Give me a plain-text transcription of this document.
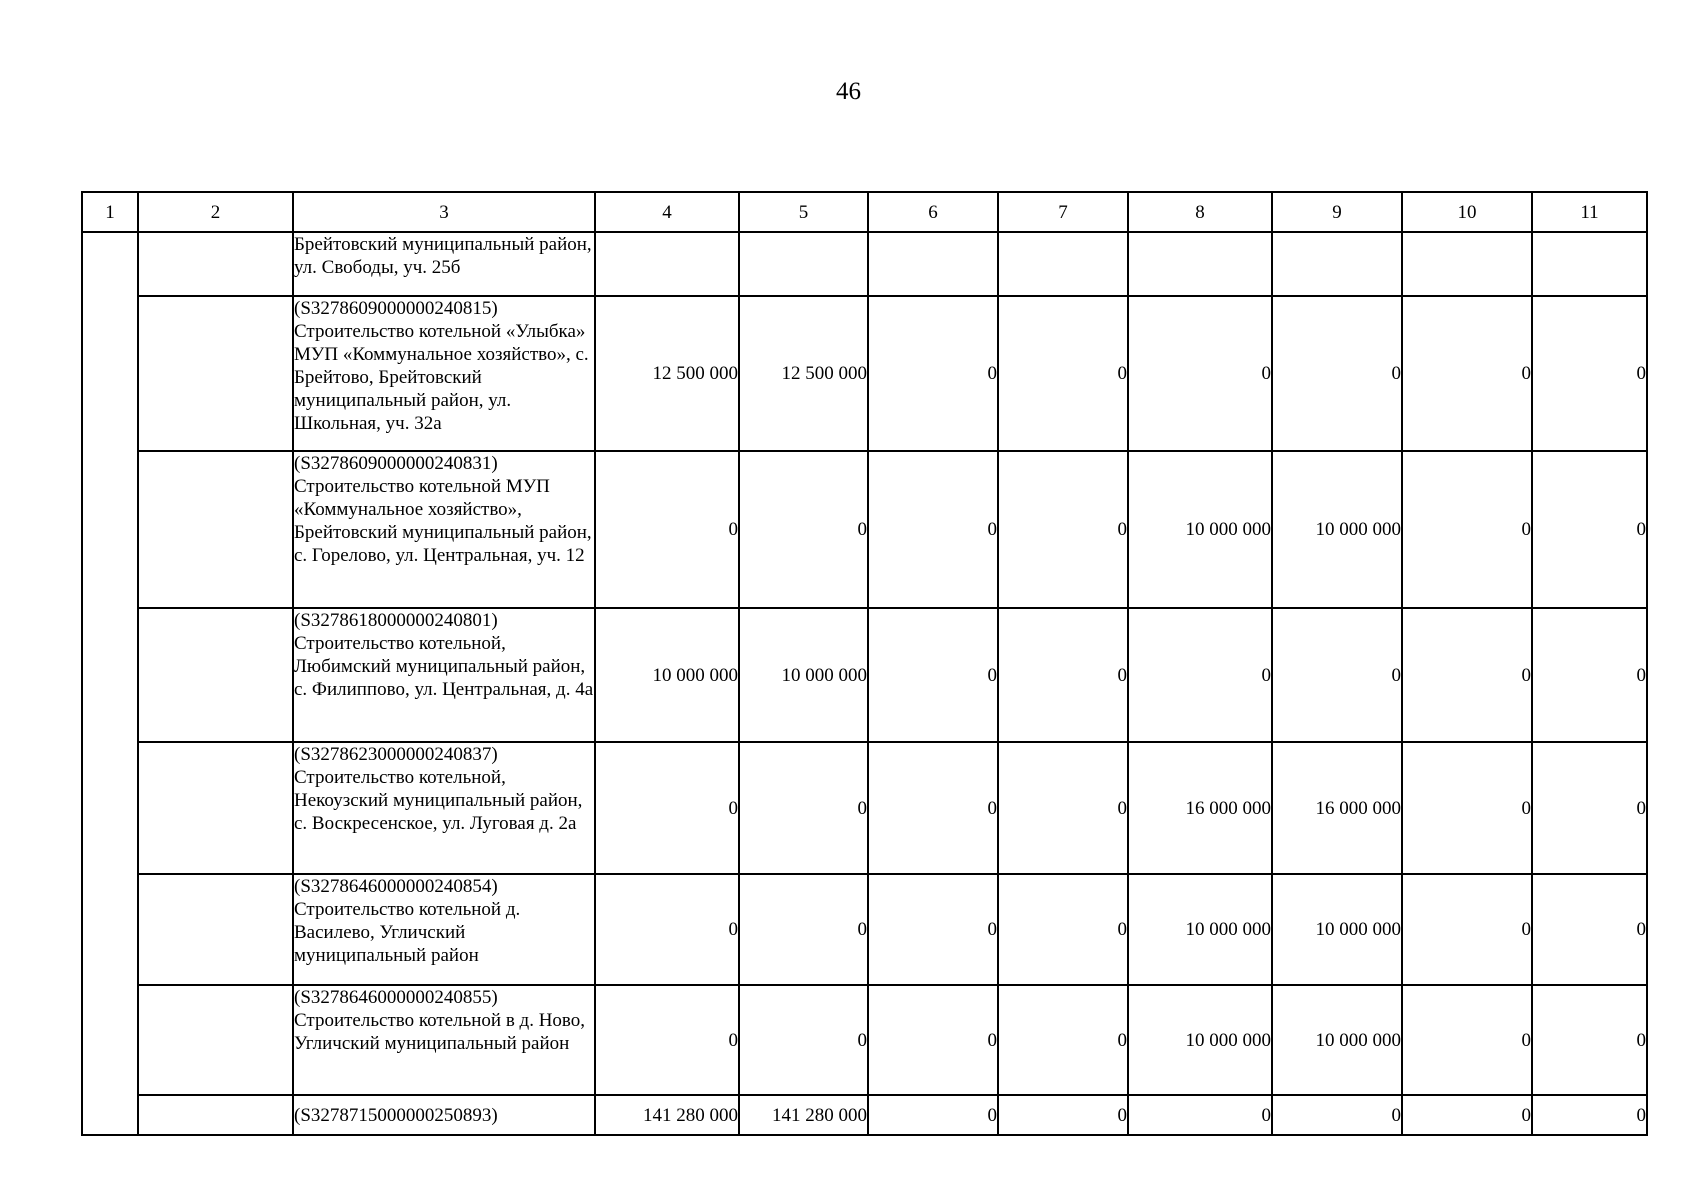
46
1	2	3	4	5	6	7	8	9	10	11
		Брейтовский муниципальный район, ул. Свободы, уч. 25б								
		(S3278609000000240815) Строительство котельной «Улыбка» МУП «Коммунальное хозяйство», с. Брейтово, Брейтовский муниципальный район, ул. Школьная, уч. 32а	12 500 000	12 500 000	0	0	0	0	0	0
		(S3278609000000240831) Строительство котельной МУП «Коммунальное хозяйство», Брейтовский муниципальный район, с. Горелово, ул. Центральная, уч. 12	0	0	0	0	10 000 000	10 000 000	0	0
		(S3278618000000240801) Строительство котельной, Любимский муниципальный район, с. Филиппово, ул. Центральная, д. 4а	10 000 000	10 000 000	0	0	0	0	0	0
		(S3278623000000240837) Строительство котельной, Некоузский муниципальный район, с. Воскресенское, ул. Луговая д. 2а	0	0	0	0	16 000 000	16 000 000	0	0
		(S3278646000000240854) Строительство котельной д. Василево, Угличский муниципальный район	0	0	0	0	10 000 000	10 000 000	0	0
		(S3278646000000240855) Строительство котельной в д. Ново, Угличский муниципальный район	0	0	0	0	10 000 000	10 000 000	0	0
		(S3278715000000250893)	141 280 000	141 280 000	0	0	0	0	0	0
